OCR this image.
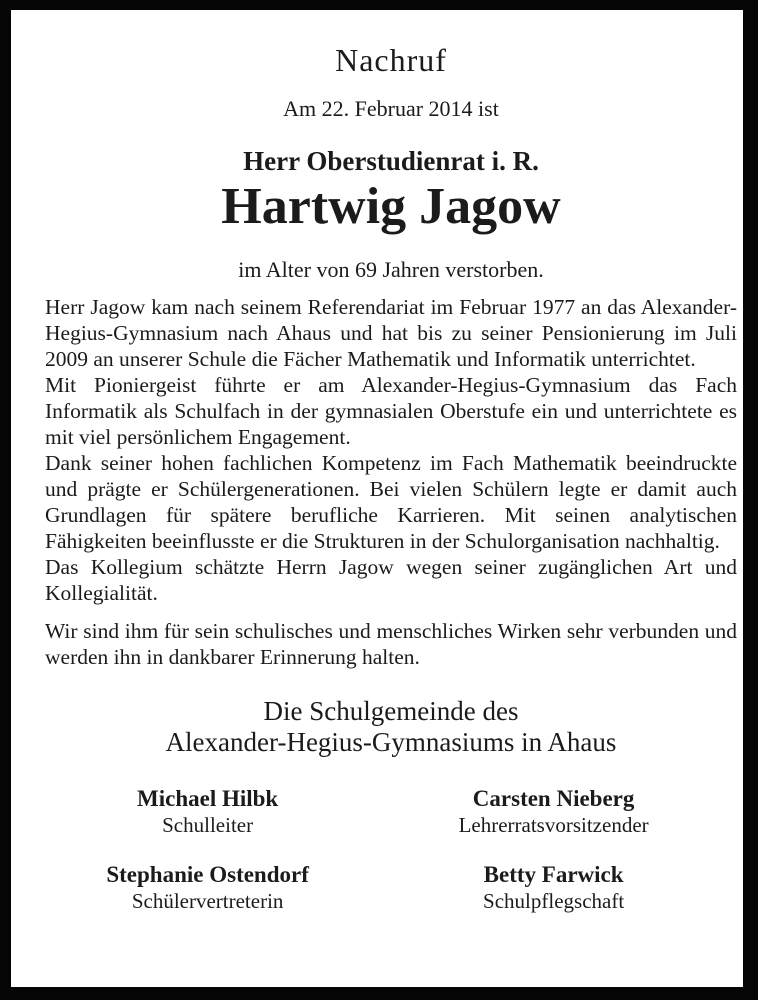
Nachruf
Am 22. Februar 2014 ist
Herr Oberstudienrat i. R.
Hartwig Jagow
im Alter von 69 Jahren verstorben.

Herr Jagow kam nach seinem Referendariat im Februar 1977 an das Alexander-Hegius-Gymnasium nach Ahaus und hat bis zu seiner Pensionierung im Juli 2009 an unserer Schule die Fächer Mathematik und Informatik unterrichtet.

Mit Pioniergeist führte er am Alexander-Hegius-Gymnasium das Fach Informatik als Schulfach in der gymnasialen Oberstufe ein und unterrichtete es mit viel persönlichem Engagement.

Dank seiner hohen fachlichen Kompetenz im Fach Mathematik beeindruckte und prägte er Schülergenerationen. Bei vielen Schülern legte er damit auch Grundlagen für spätere berufliche Karrieren. Mit seinen analytischen Fähigkeiten beeinflusste er die Strukturen in der Schulorganisation nachhaltig.

Das Kollegium schätzte Herrn Jagow wegen seiner zugänglichen Art und Kollegialität.

Wir sind ihm für sein schulisches und menschliches Wirken sehr verbunden und werden ihn in dankbarer Erinnerung halten.

Die Schulgemeinde des
Alexander-Hegius-Gymnasiums in Ahaus
Michael Hilbk
Schulleiter
Carsten Nieberg
Lehrerratsvorsitzender
Stephanie Ostendorf
Schülervertreterin
Betty Farwick
Schulpflegschaft
